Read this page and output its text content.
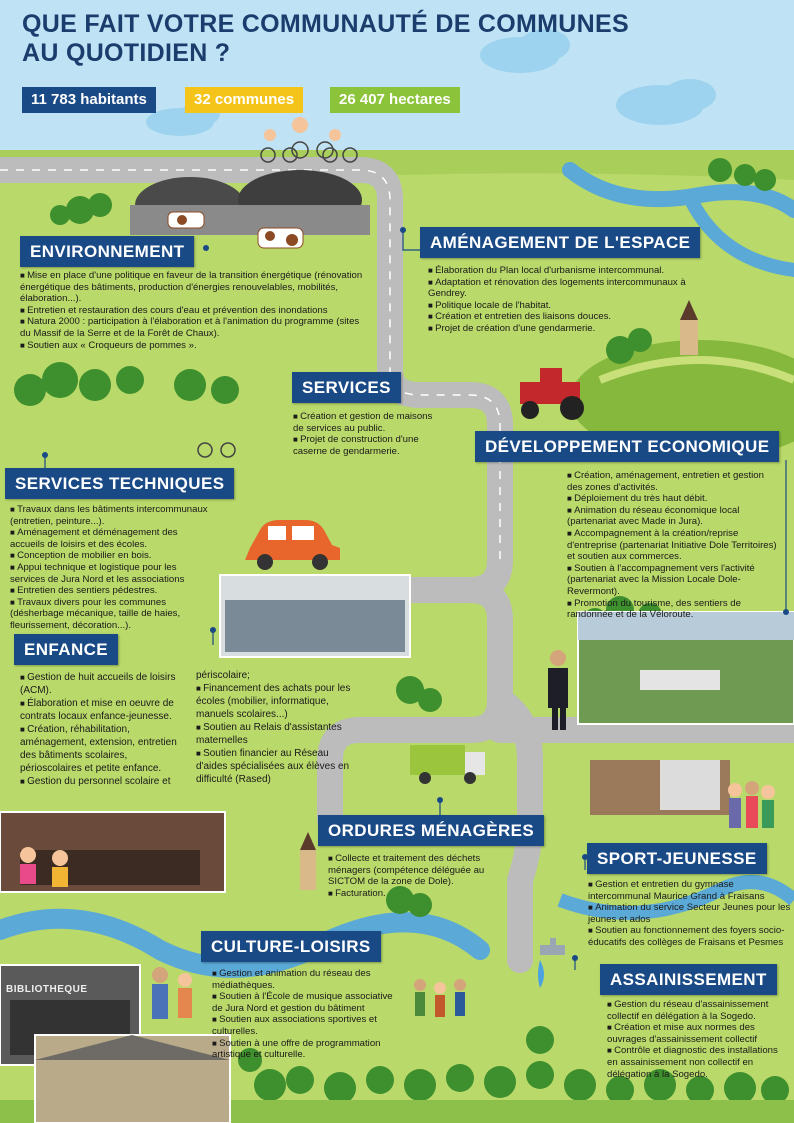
QUE FAIT VOTRE COMMUNAUTÉ DE COMMUNES
AU QUOTIDIEN ?
11 783 habitants	32 communes	26 407 hectares
BIBLIOTHEQUE
ENVIRONNEMENT
■ Mise en place d'une politique en faveur de la transition énergétique (rénovation énergétique des bâtiments, production d'énergies renouvelables, mobilités, élaboration...).
■ Entretien et restauration des cours d'eau et prévention des inondations
■ Natura 2000 : participation à l'élaboration et à l'animation du programme (sites du Massif de la Serre et de la Forêt de Chaux).
■ Soutien aux « Croqueurs de pommes ».
AMÉNAGEMENT DE L'ESPACE
■ Élaboration du Plan local d'urbanisme intercommunal.
■ Adaptation et rénovation des logements intercommunaux à Gendrey.
■ Politique locale de l'habitat.
■ Création et entretien des liaisons douces.
■ Projet de création d'une gendarmerie.
SERVICES
■ Création et gestion de maisons de services au public.
■ Projet de construction d'une caserne de gendarmerie.	DÉVELOPPEMENT ECONOMIQUE
■ Création, aménagement, entretien et gestion des zones d'activités.
■ Déploiement du très haut débit.
■ Animation du réseau économique local (partenariat avec Made in Jura).
■ Accompagnement à la création/reprise d'entreprise (partenariat Initiative Dole Territoires) et soutien aux commerces.
■ Soutien à l'accompagnement vers l'activité (partenariat avec la Mission Locale Dole-Revermont).
■ Promotion du tourisme, des sentiers de randonnée et de la Véloroute.
SERVICES TECHNIQUES
■ Travaux dans les bâtiments intercommunaux (entretien, peinture...).
■ Aménagement et déménagement des accueils de loisirs et des écoles.
■ Conception de mobilier en bois.
■ Appui technique et logistique pour les services de Jura Nord et les associations
■ Entretien des sentiers pédestres.
■ Travaux divers pour les communes (désherbage mécanique, taille de haies, fleurissement, décoration...).
ENFANCE
■ Gestion de huit accueils de loisirs (ACM).
■ Élaboration et mise en oeuvre de contrats locaux enfance-jeunesse.
■ Création, réhabilitation, aménagement, extension, entretien des bâtiments scolaires, périoscolaires et petite enfance.
■ Gestion du personnel scolaire et
périscolaire;
■ Financement des achats pour les écoles (mobilier, informatique, manuels scolaires...)
■ Soutien au Relais d'assistantes maternelles
■ Soutien financier au Réseau d'aides spécialisées aux élèves en difficulté (Rased)
ORDURES MÉNAGÈRES
■ Collecte et traitement des déchets ménagers (compétence déléguée au SICTOM de la zone de Dole).
■ Facturation.
SPORT-JEUNESSE
■ Gestion et entretien du gymnase intercommunal Maurice Grand à Fraisans
■ Animation du service Secteur Jeunes pour les jeunes et ados
■ Soutien au fonctionnement des foyers socio-éducatifs des collèges de Fraisans et Pesmes
CULTURE-LOISIRS
■ Gestion et animation du réseau des médiathèques.
■ Soutien à l'École de musique associative de Jura Nord et gestion du bâtiment
■ Soutien aux associations sportives et culturelles.
■ Soutien à une offre de programmation artistique et culturelle.
ASSAINISSEMENT
■ Gestion du réseau d'assainissement collectif en délégation à la Sogedo.
■ Création et mise aux normes des ouvrages d'assainissement collectif
■ Contrôle et diagnostic des installations en assainissement non collectif en délégation à la Sogedo.
